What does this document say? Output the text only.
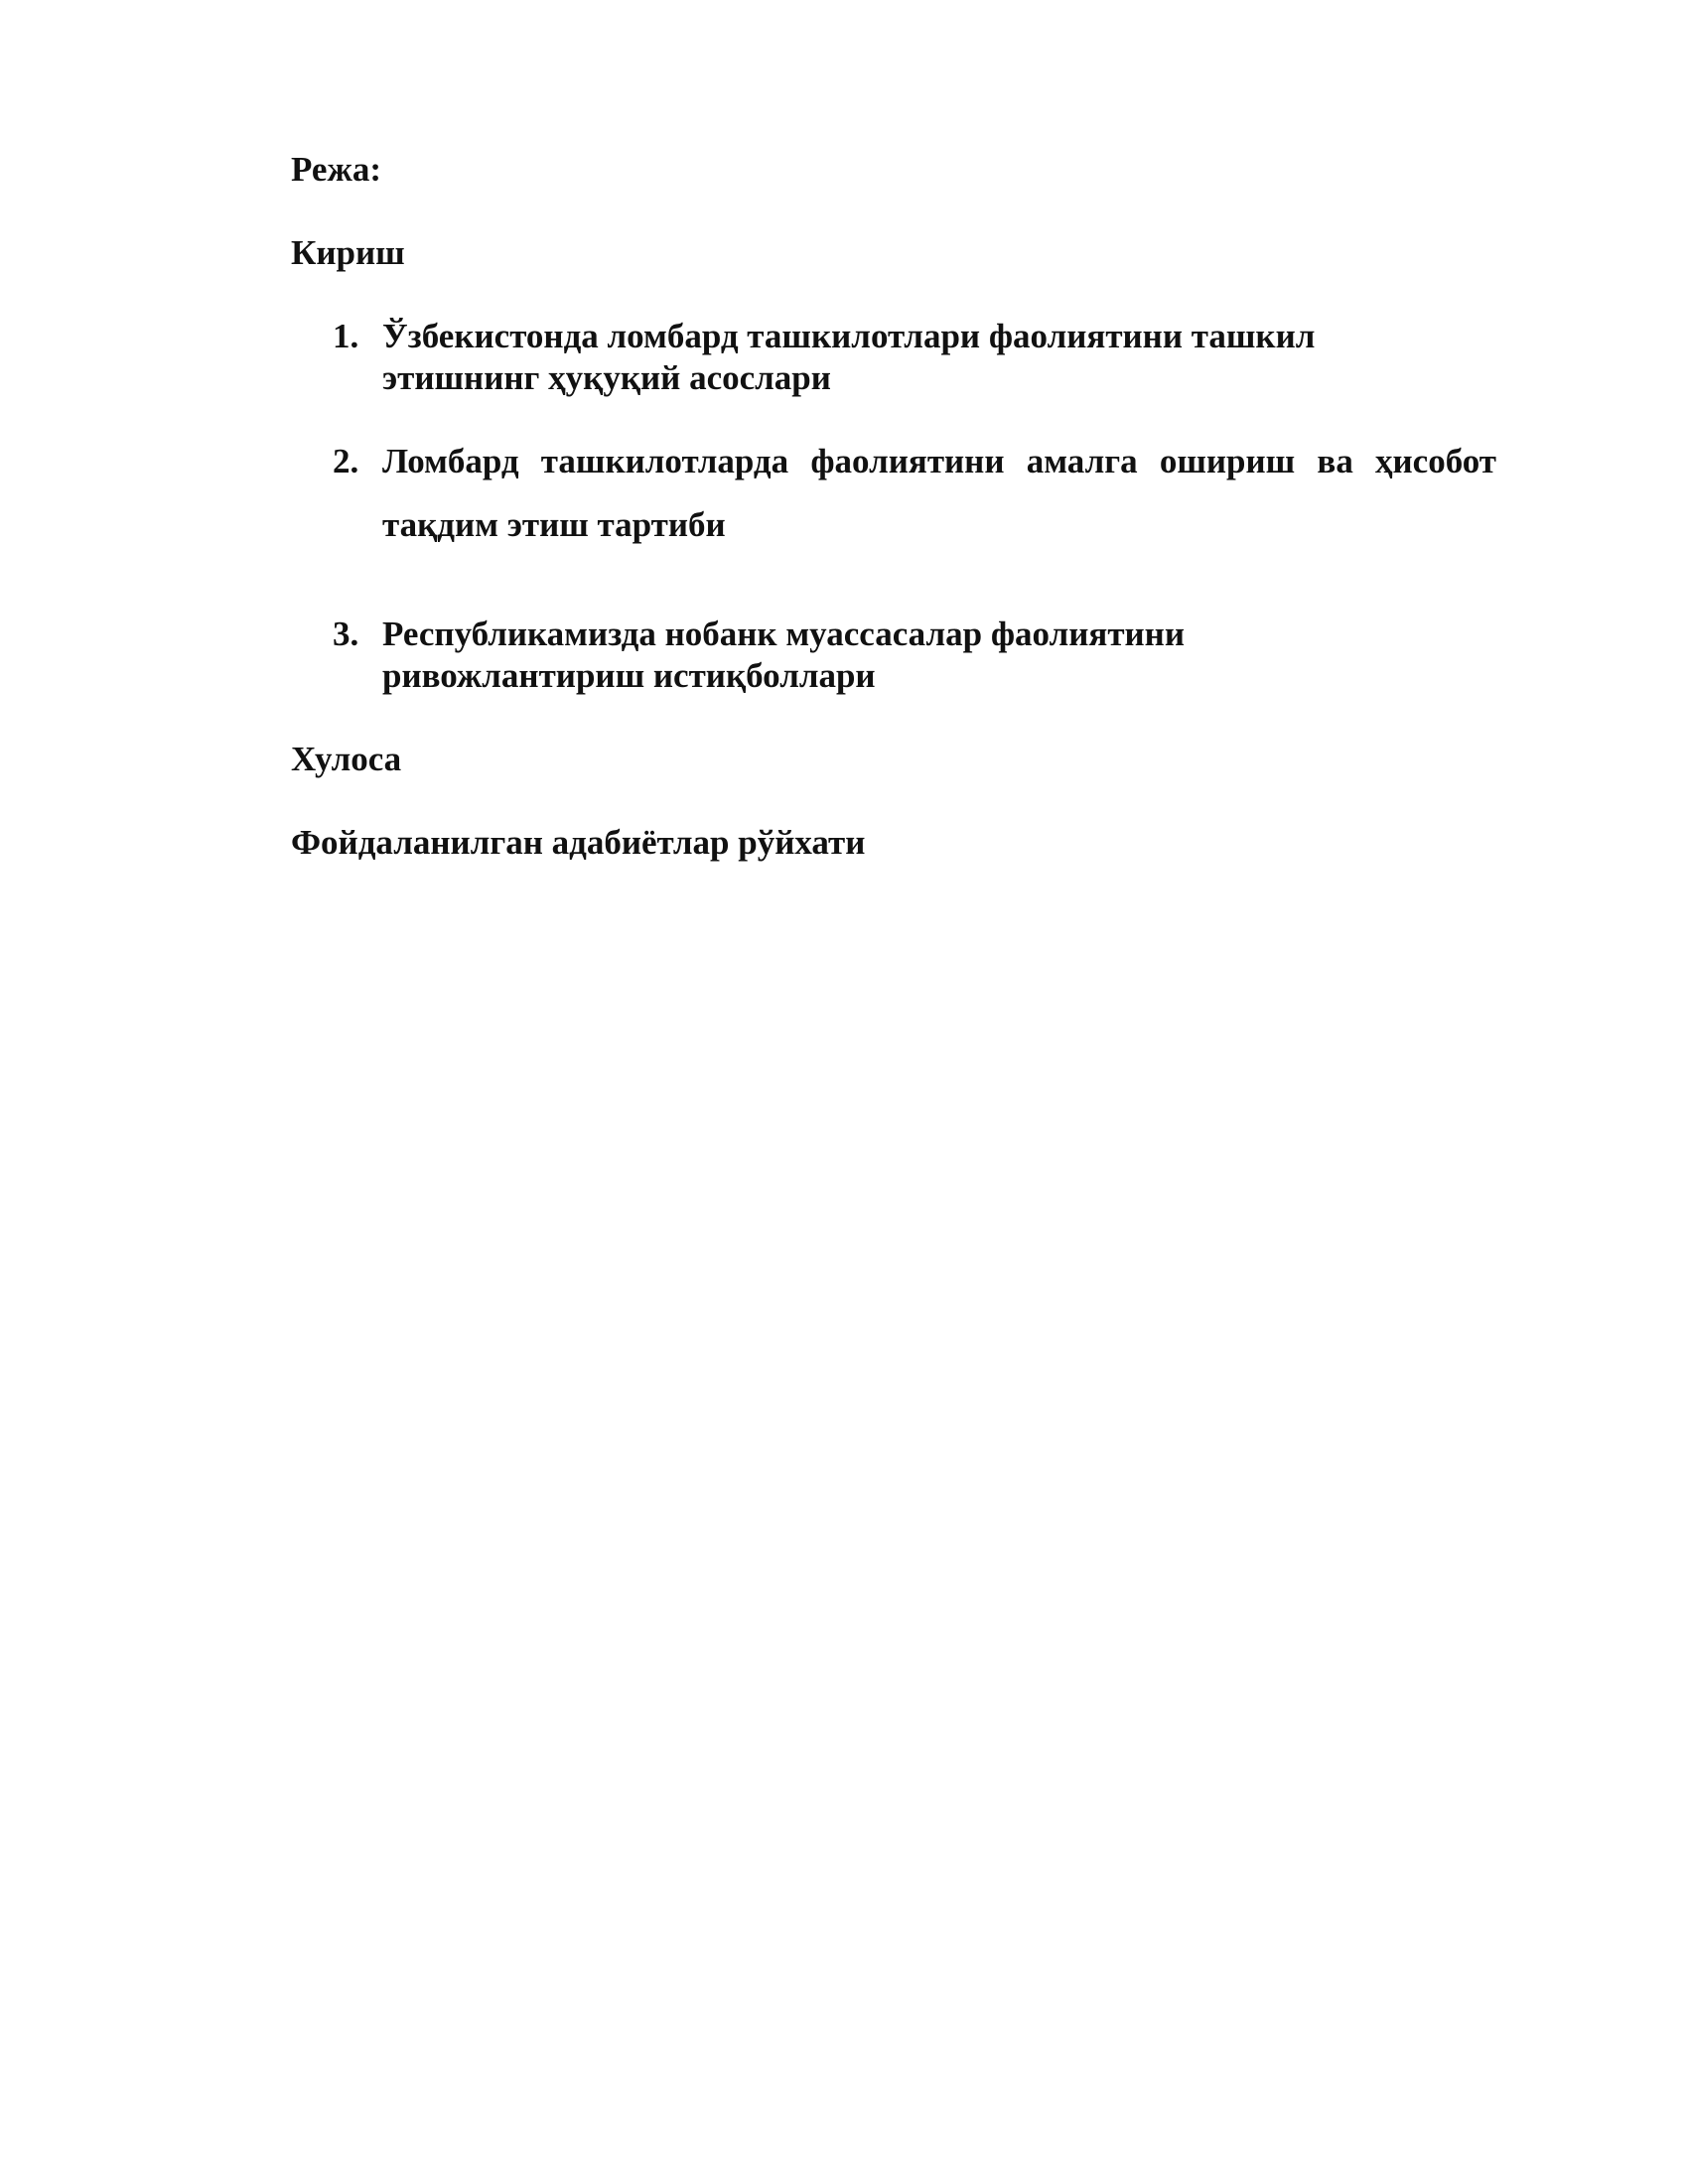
Режа:
Кириш
1. Ўзбекистонда ломбард ташкилотлари фаолиятини ташкил
этишнинг ҳуқуқий асослари
2. Ломбард ташкилотларда фаолиятини амалга ошириш ва ҳисобот
тақдим этиш тартиби
3. Республикамизда нобанк муассасалар фаолиятини
ривожлантириш истиқболлари
Хулоса
Фойдаланилган адабиётлар рўйхати
